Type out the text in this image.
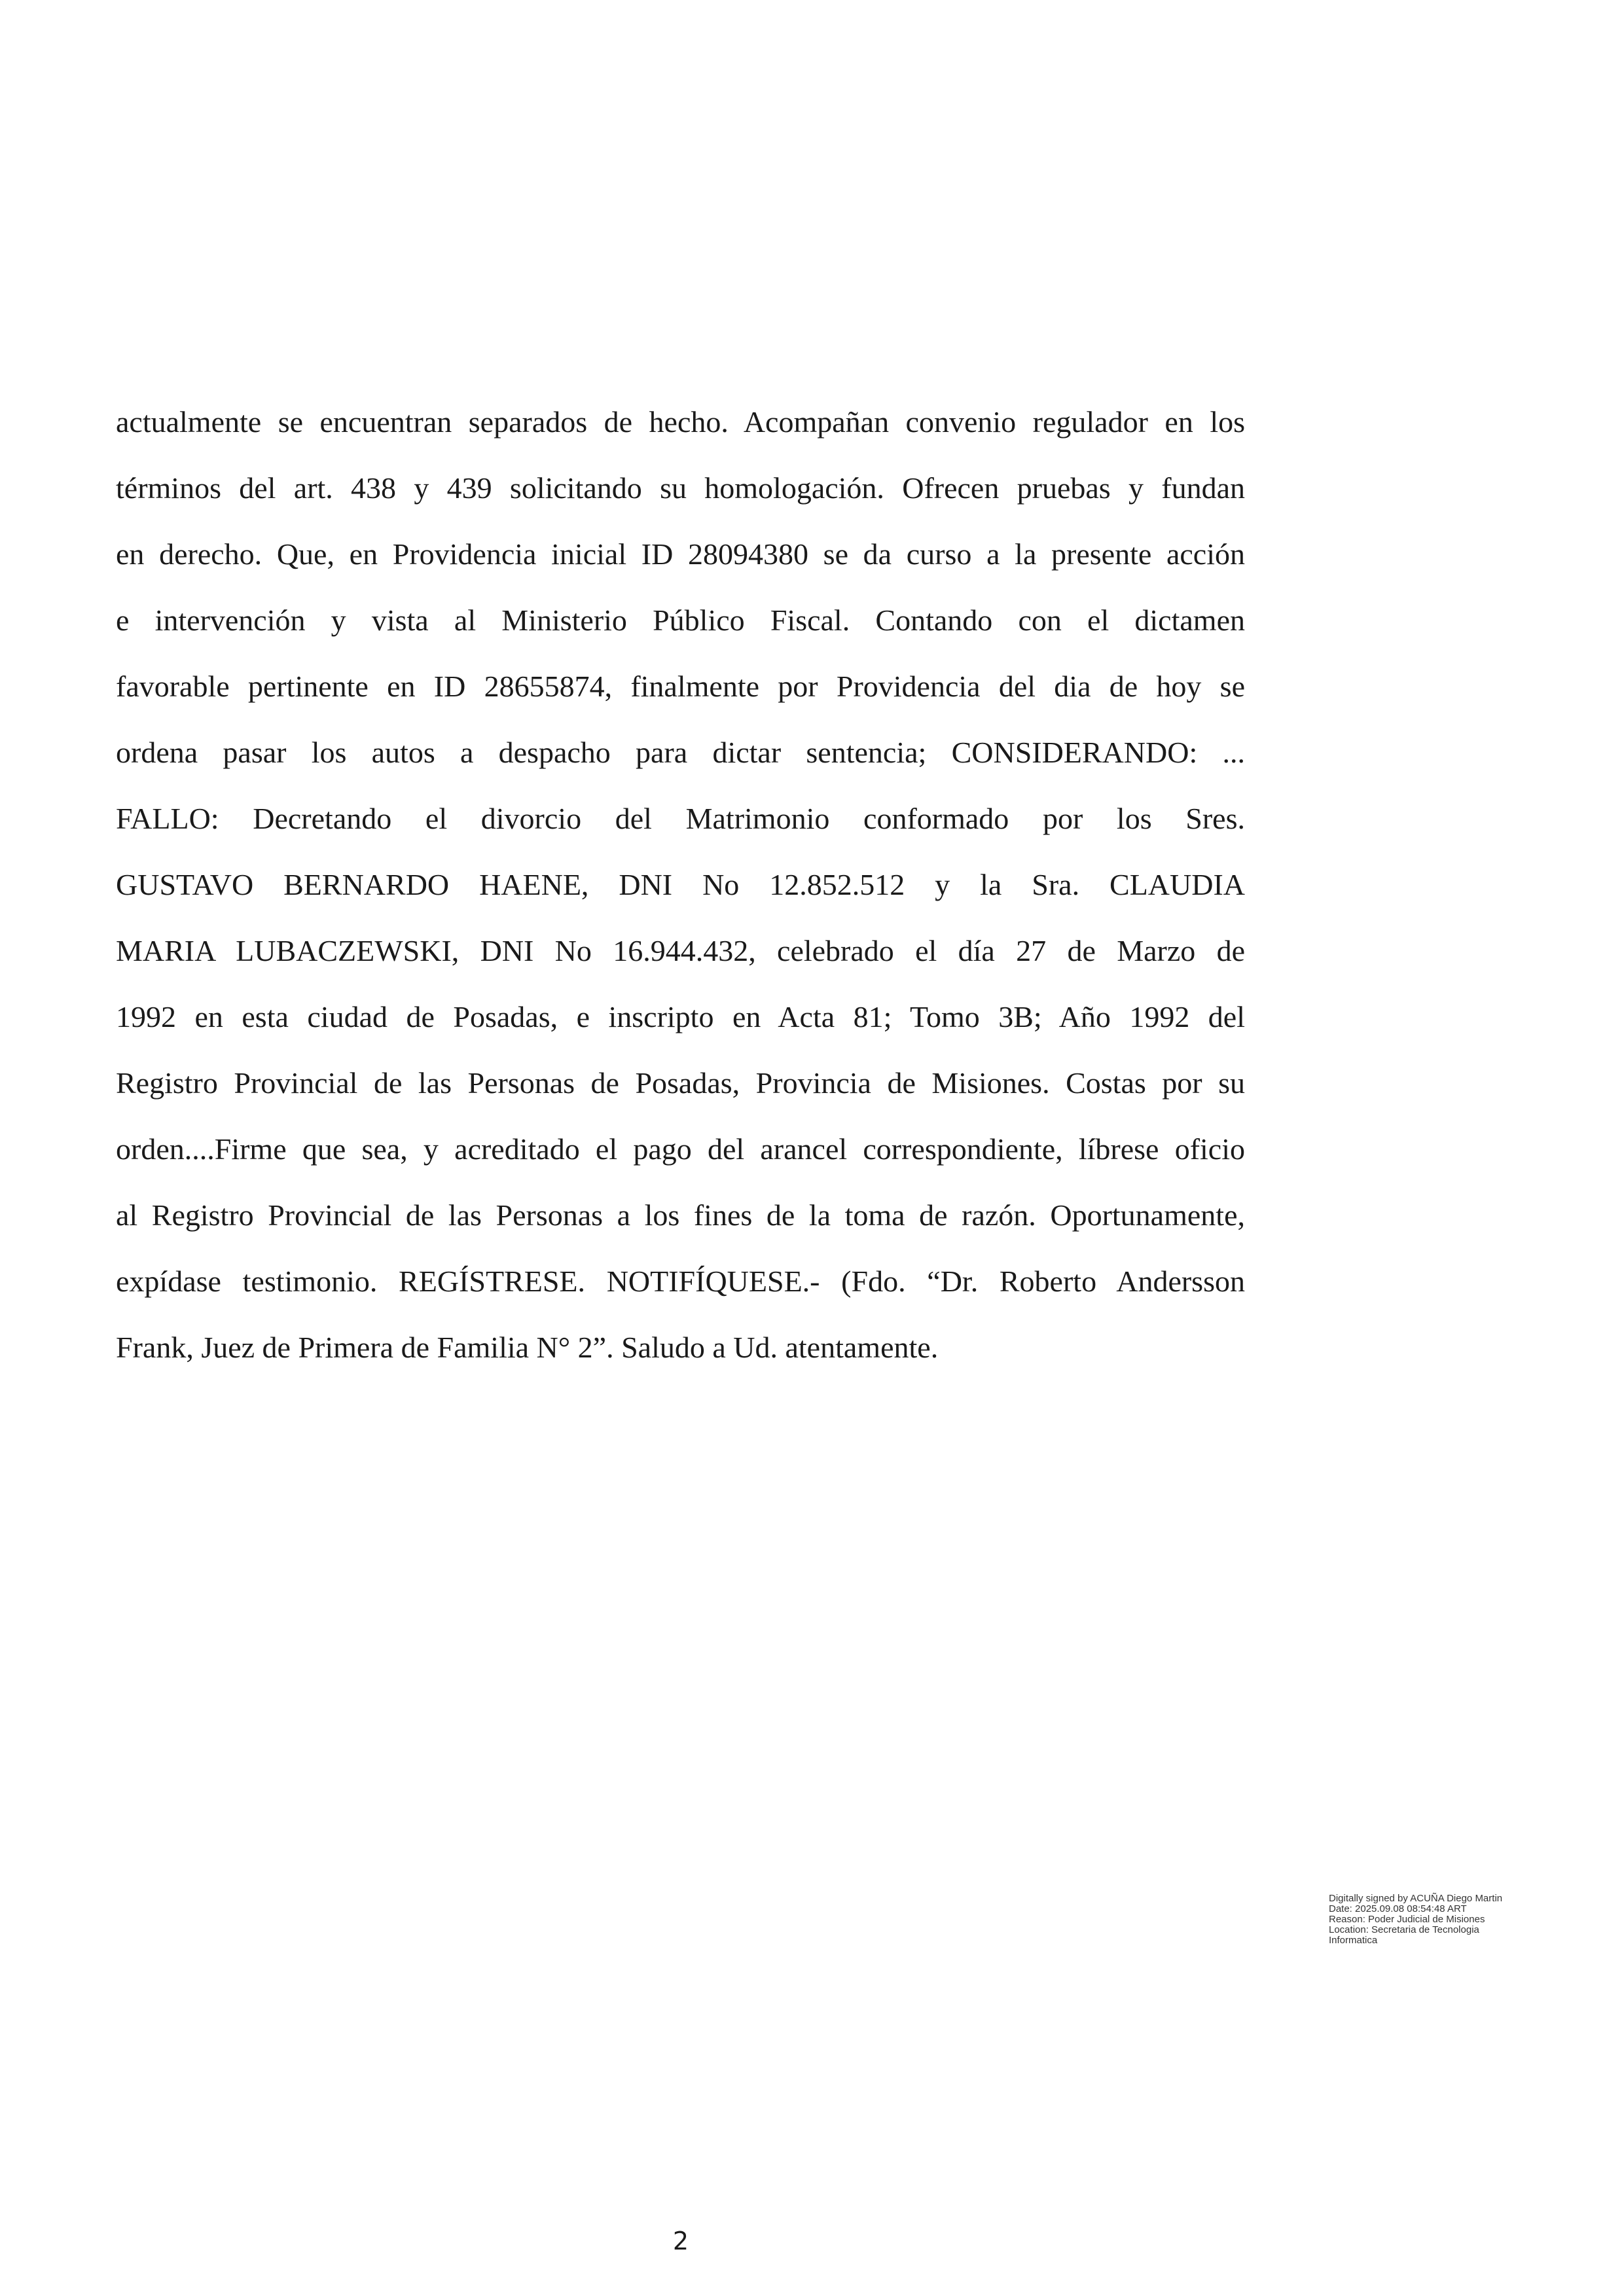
actualmente se encuentran separados de hecho. Acompañan convenio regulador en los
términos del art. 438 y 439 solicitando su homologación. Ofrecen pruebas y fundan
en derecho. Que, en Providencia inicial ID 28094380 se da curso a la presente acción
e intervención y vista al Ministerio Público Fiscal. Contando con el dictamen
favorable pertinente en ID 28655874, finalmente por Providencia del dia de hoy se
ordena pasar los autos a despacho para dictar sentencia; CONSIDERANDO: ...
FALLO: Decretando el divorcio del Matrimonio conformado por los Sres.
GUSTAVO BERNARDO HAENE, DNI No 12.852.512 y la Sra. CLAUDIA
MARIA LUBACZEWSKI, DNI No 16.944.432, celebrado el día 27 de Marzo de
1992 en esta ciudad de Posadas, e inscripto en Acta 81; Tomo 3B; Año 1992 del
Registro Provincial de las Personas de Posadas, Provincia de Misiones. Costas por su
orden....Firme que sea, y acreditado el pago del arancel correspondiente, líbrese oficio
al Registro Provincial de las Personas a los fines de la toma de razón. Oportunamente,
expídase testimonio. REGÍSTRESE. NOTIFÍQUESE.- (Fdo. “Dr. Roberto Andersson
Frank, Juez de Primera de Familia N° 2”. Saludo a Ud. atentamente.
Digitally signed by ACUÑA Diego Martin
Date: 2025.09.08 08:54:48 ART
Reason: Poder Judicial de Misiones
Location: Secretaria de Tecnologia
Informatica
2
